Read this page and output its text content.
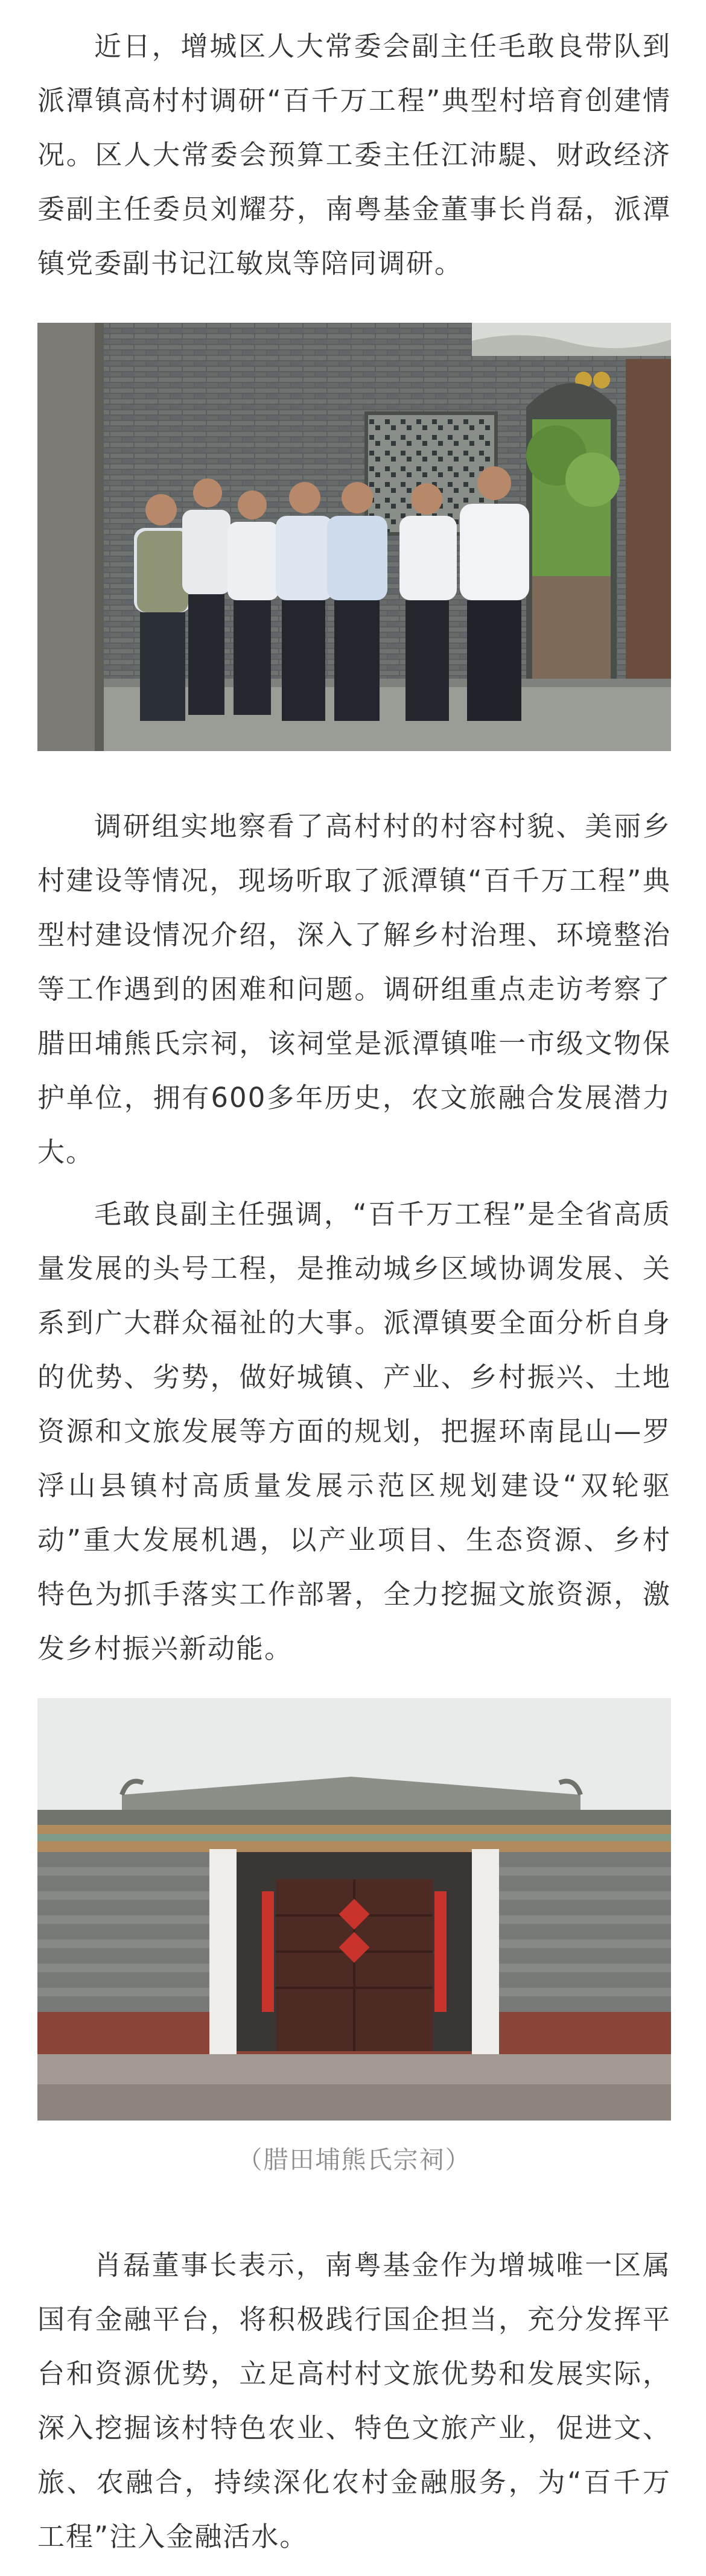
近日，增城区人大常委会副主任毛敢良带队到派潭镇高村村调研“百千万工程”典型村培育创建情况。区人大常委会预算工委主任江沛騠、财政经济委副主任委员刘耀芬，南粤基金董事长肖磊，派潭镇党委副书记江敏岚等陪同调研。

调研组实地察看了高村村的村容村貌、美丽乡村建设等情况，现场听取了派潭镇“百千万工程”典型村建设情况介绍，深入了解乡村治理、环境整治等工作遇到的困难和问题。调研组重点走访考察了腊田埔熊氏宗祠，该祠堂是派潭镇唯一市级文物保护单位，拥有600多年历史，农文旅融合发展潜力大。

毛敢良副主任强调，“百千万工程”是全省高质量发展的头号工程，是推动城乡区域协调发展、关系到广大群众福祉的大事。派潭镇要全面分析自身的优势、劣势，做好城镇、产业、乡村振兴、土地资源和文旅发展等方面的规划，把握环南昆山—罗浮山县镇村高质量发展示范区规划建设“双轮驱动”重大发展机遇，以产业项目、生态资源、乡村特色为抓手落实工作部署，全力挖掘文旅资源，激发乡村振兴新动能。

（腊田埔熊氏宗祠）

肖磊董事长表示，南粤基金作为增城唯一区属国有金融平台，将积极践行国企担当，充分发挥平台和资源优势，立足高村村文旅优势和发展实际，深入挖掘该村特色农业、特色文旅产业，促进文、旅、农融合，持续深化农村金融服务，为“百千万工程”注入金融活水。
